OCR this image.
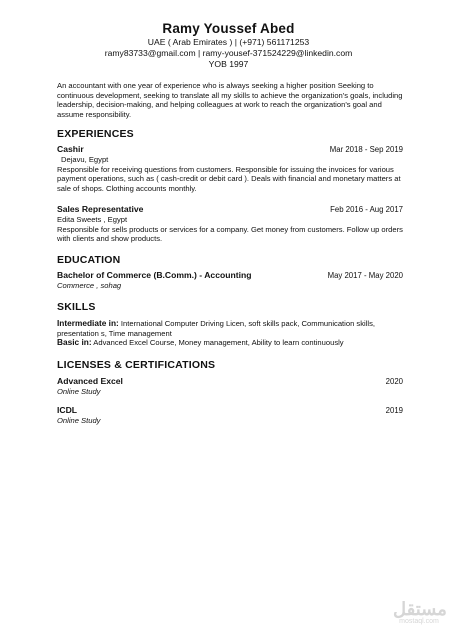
Ramy Youssef Abed
UAE ( Arab Emirates ) | (+971) 561171253
ramy83733@gmail.com | ramy-yousef-371524229@linkedin.com
YOB 1997
An accountant with one year of experience who is always seeking a higher position Seeking to continuous development, seeking to translate all my skills to achieve the organization's goals, including leadership, decision-making, and helping colleagues at work to reach the organization's goal and assume responsibility.
EXPERIENCES
Cashir	Mar 2018 - Sep 2019
Dejavu, Egypt
Responsible for receiving questions from customers. Responsible for issuing the invoices for various payment operations, such as ( cash-credit or debit card ). Deals with financial and monetary matters at sale of shops. Clothing accounts monthly.
Sales Representative	Feb 2016 - Aug 2017
Edita Sweets , Egypt
Responsible for sells products or services for a company. Get money from customers. Follow up orders with clients and show products.
EDUCATION
Bachelor of Commerce (B.Comm.) - Accounting	May 2017 - May 2020
Commerce , sohag
SKILLS
Intermediate in: International Computer Driving Licen, soft skills pack, Communication skills, presentation s, Time management
Basic in: Advanced Excel Course, Money management, Ability to learn continuously
LICENSES & CERTIFICATIONS
Advanced Excel	2020
Online Study
ICDL	2019
Online Study
مستقل
mostaql.com
